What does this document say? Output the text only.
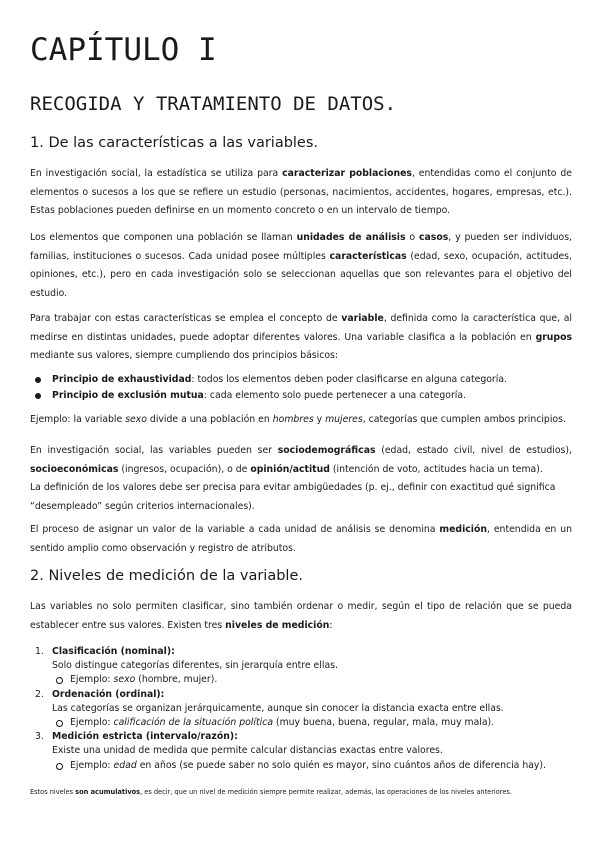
CAPÍTULO I
RECOGIDA Y TRATAMIENTO DE DATOS.
1. De las características a las variables.

En investigación social, la estadística se utiliza para caracterizar poblaciones, entendidas como el conjunto de elementos o sucesos a los que se refiere un estudio (personas, nacimientos, accidentes, hogares, empresas, etc.). Estas poblaciones pueden definirse en un momento concreto o en un intervalo de tiempo.

Los elementos que componen una población se llaman unidades de análisis o casos, y pueden ser individuos, familias, instituciones o sucesos. Cada unidad posee múltiples características (edad, sexo, ocupación, actitudes, opiniones, etc.), pero en cada investigación solo se seleccionan aquellas que son relevantes para el objetivo del estudio.

Para trabajar con estas características se emplea el concepto de variable, definida como la característica que, al medirse en distintas unidades, puede adoptar diferentes valores. Una variable clasifica a la población en grupos mediante sus valores, siempre cumpliendo dos principios básicos:

Principio de exhaustividad: todos los elementos deben poder clasificarse en alguna categoría.
Principio de exclusión mutua: cada elemento solo puede pertenecer a una categoría.

Ejemplo: la variable sexo divide a una población en hombres y mujeres, categorías que cumplen ambos principios.

En investigación social, las variables pueden ser sociodemográficas (edad, estado civil, nivel de estudios), socioeconómicas (ingresos, ocupación), o de opinión/actitud (intención de voto, actitudes hacia un tema).

La definición de los valores debe ser precisa para evitar ambigüedades (p. ej., definir con exactitud qué significa “desempleado” según criterios internacionales).

El proceso de asignar un valor de la variable a cada unidad de análisis se denomina medición, entendida en un sentido amplio como observación y registro de atributos.

2. Niveles de medición de la variable.

Las variables no solo permiten clasificar, sino también ordenar o medir, según el tipo de relación que se pueda establecer entre sus valores. Existen tres niveles de medición:

1. Clasificación (nominal):
Solo distingue categorías diferentes, sin jerarquía entre ellas.
Ejemplo: sexo (hombre, mujer).
2. Ordenación (ordinal):
Las categorías se organizan jerárquicamente, aunque sin conocer la distancia exacta entre ellas.
Ejemplo: calificación de la situación política (muy buena, buena, regular, mala, muy mala).
3. Medición estricta (intervalo/razón):
Existe una unidad de medida que permite calcular distancias exactas entre valores.
Ejemplo: edad en años (se puede saber no solo quién es mayor, sino cuántos años de diferencia hay).

Estos niveles son acumulativos, es decir, que un nivel de medición siempre permite realizar, además, las operaciones de los niveles anteriores.
